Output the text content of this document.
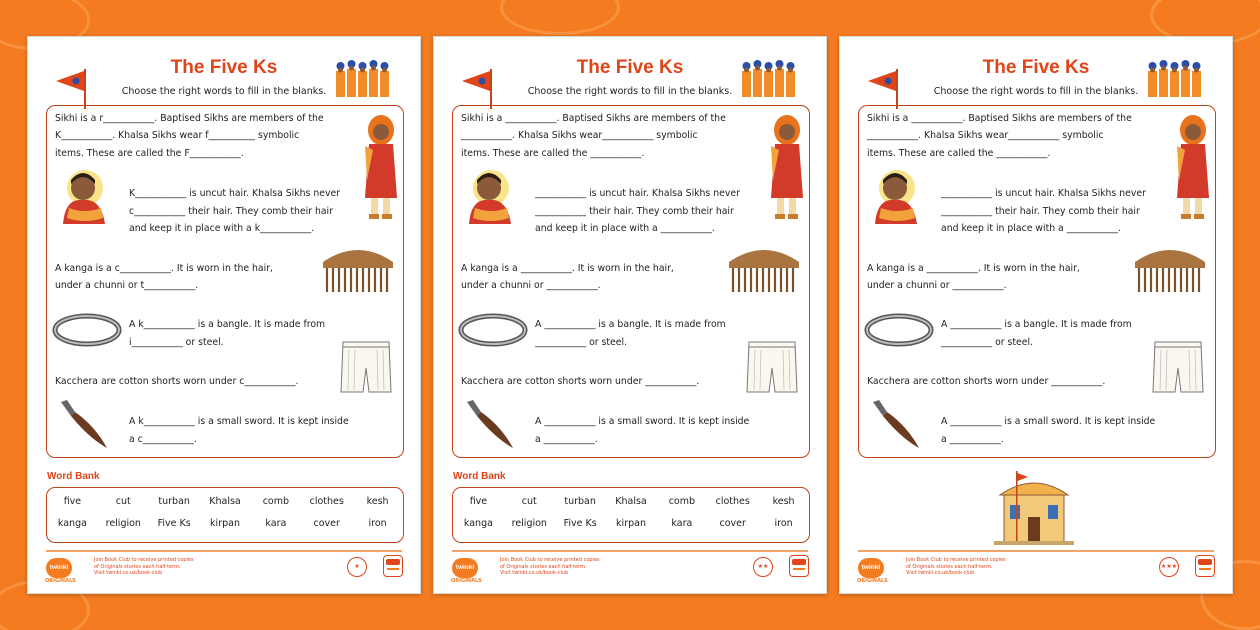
The Five Ks
Choose the right words to fill in the blanks.
Sikhi is a r___________. Baptised Sikhs are members of the
K___________. Khalsa Sikhs wear f__________ symbolic
items. These are called the F___________.
K___________ is uncut hair. Khalsa Sikhs never
c___________ their hair. They comb their hair
and keep it in place with a k___________.
A kanga is a c___________. It is worn in the hair,
under a chunni or t___________.
A k___________ is a bangle. It is made from
i___________ or steel.
Kacchera are cotton shorts worn under c___________.
A k___________ is a small sword. It is kept inside
a c___________.
Word Bank
five	cut	turban	Khalsa	comb	clothes	kesh
kanga	religion	Five Ks	kirpan	kara	cover	iron
twinkl
ORIGINALS
Join Book Club to receive printed copies
of Originals stories each half-term.
Visit twinkl.co.uk/book-club
★
The Five Ks
Choose the right words to fill in the blanks.
Sikhi is a ___________. Baptised Sikhs are members of the
___________. Khalsa Sikhs wear___________ symbolic
items. These are called the ___________.
___________ is uncut hair. Khalsa Sikhs never
___________ their hair. They comb their hair
and keep it in place with a ___________.
A kanga is a ___________. It is worn in the hair,
under a chunni or ___________.
A ___________ is a bangle. It is made from
___________ or steel.
Kacchera are cotton shorts worn under ___________.
A ___________ is a small sword. It is kept inside
a ___________.
Word Bank
five	cut	turban	Khalsa	comb	clothes	kesh
kanga	religion	Five Ks	kirpan	kara	cover	iron
twinkl
ORIGINALS
Join Book Club to receive printed copies
of Originals stories each half-term.
Visit twinkl.co.uk/book-club
★★
The Five Ks
Choose the right words to fill in the blanks.
Sikhi is a ___________. Baptised Sikhs are members of the
___________. Khalsa Sikhs wear___________ symbolic
items. These are called the ___________.
___________ is uncut hair. Khalsa Sikhs never
___________ their hair. They comb their hair
and keep it in place with a ___________.
A kanga is a ___________. It is worn in the hair,
under a chunni or ___________.
A ___________ is a bangle. It is made from
___________ or steel.
Kacchera are cotton shorts worn under ___________.
A ___________ is a small sword. It is kept inside
a ___________.
twinkl
ORIGINALS
Join Book Club to receive printed copies
of Originals stories each half-term.
Visit twinkl.co.uk/book-club
★★★
